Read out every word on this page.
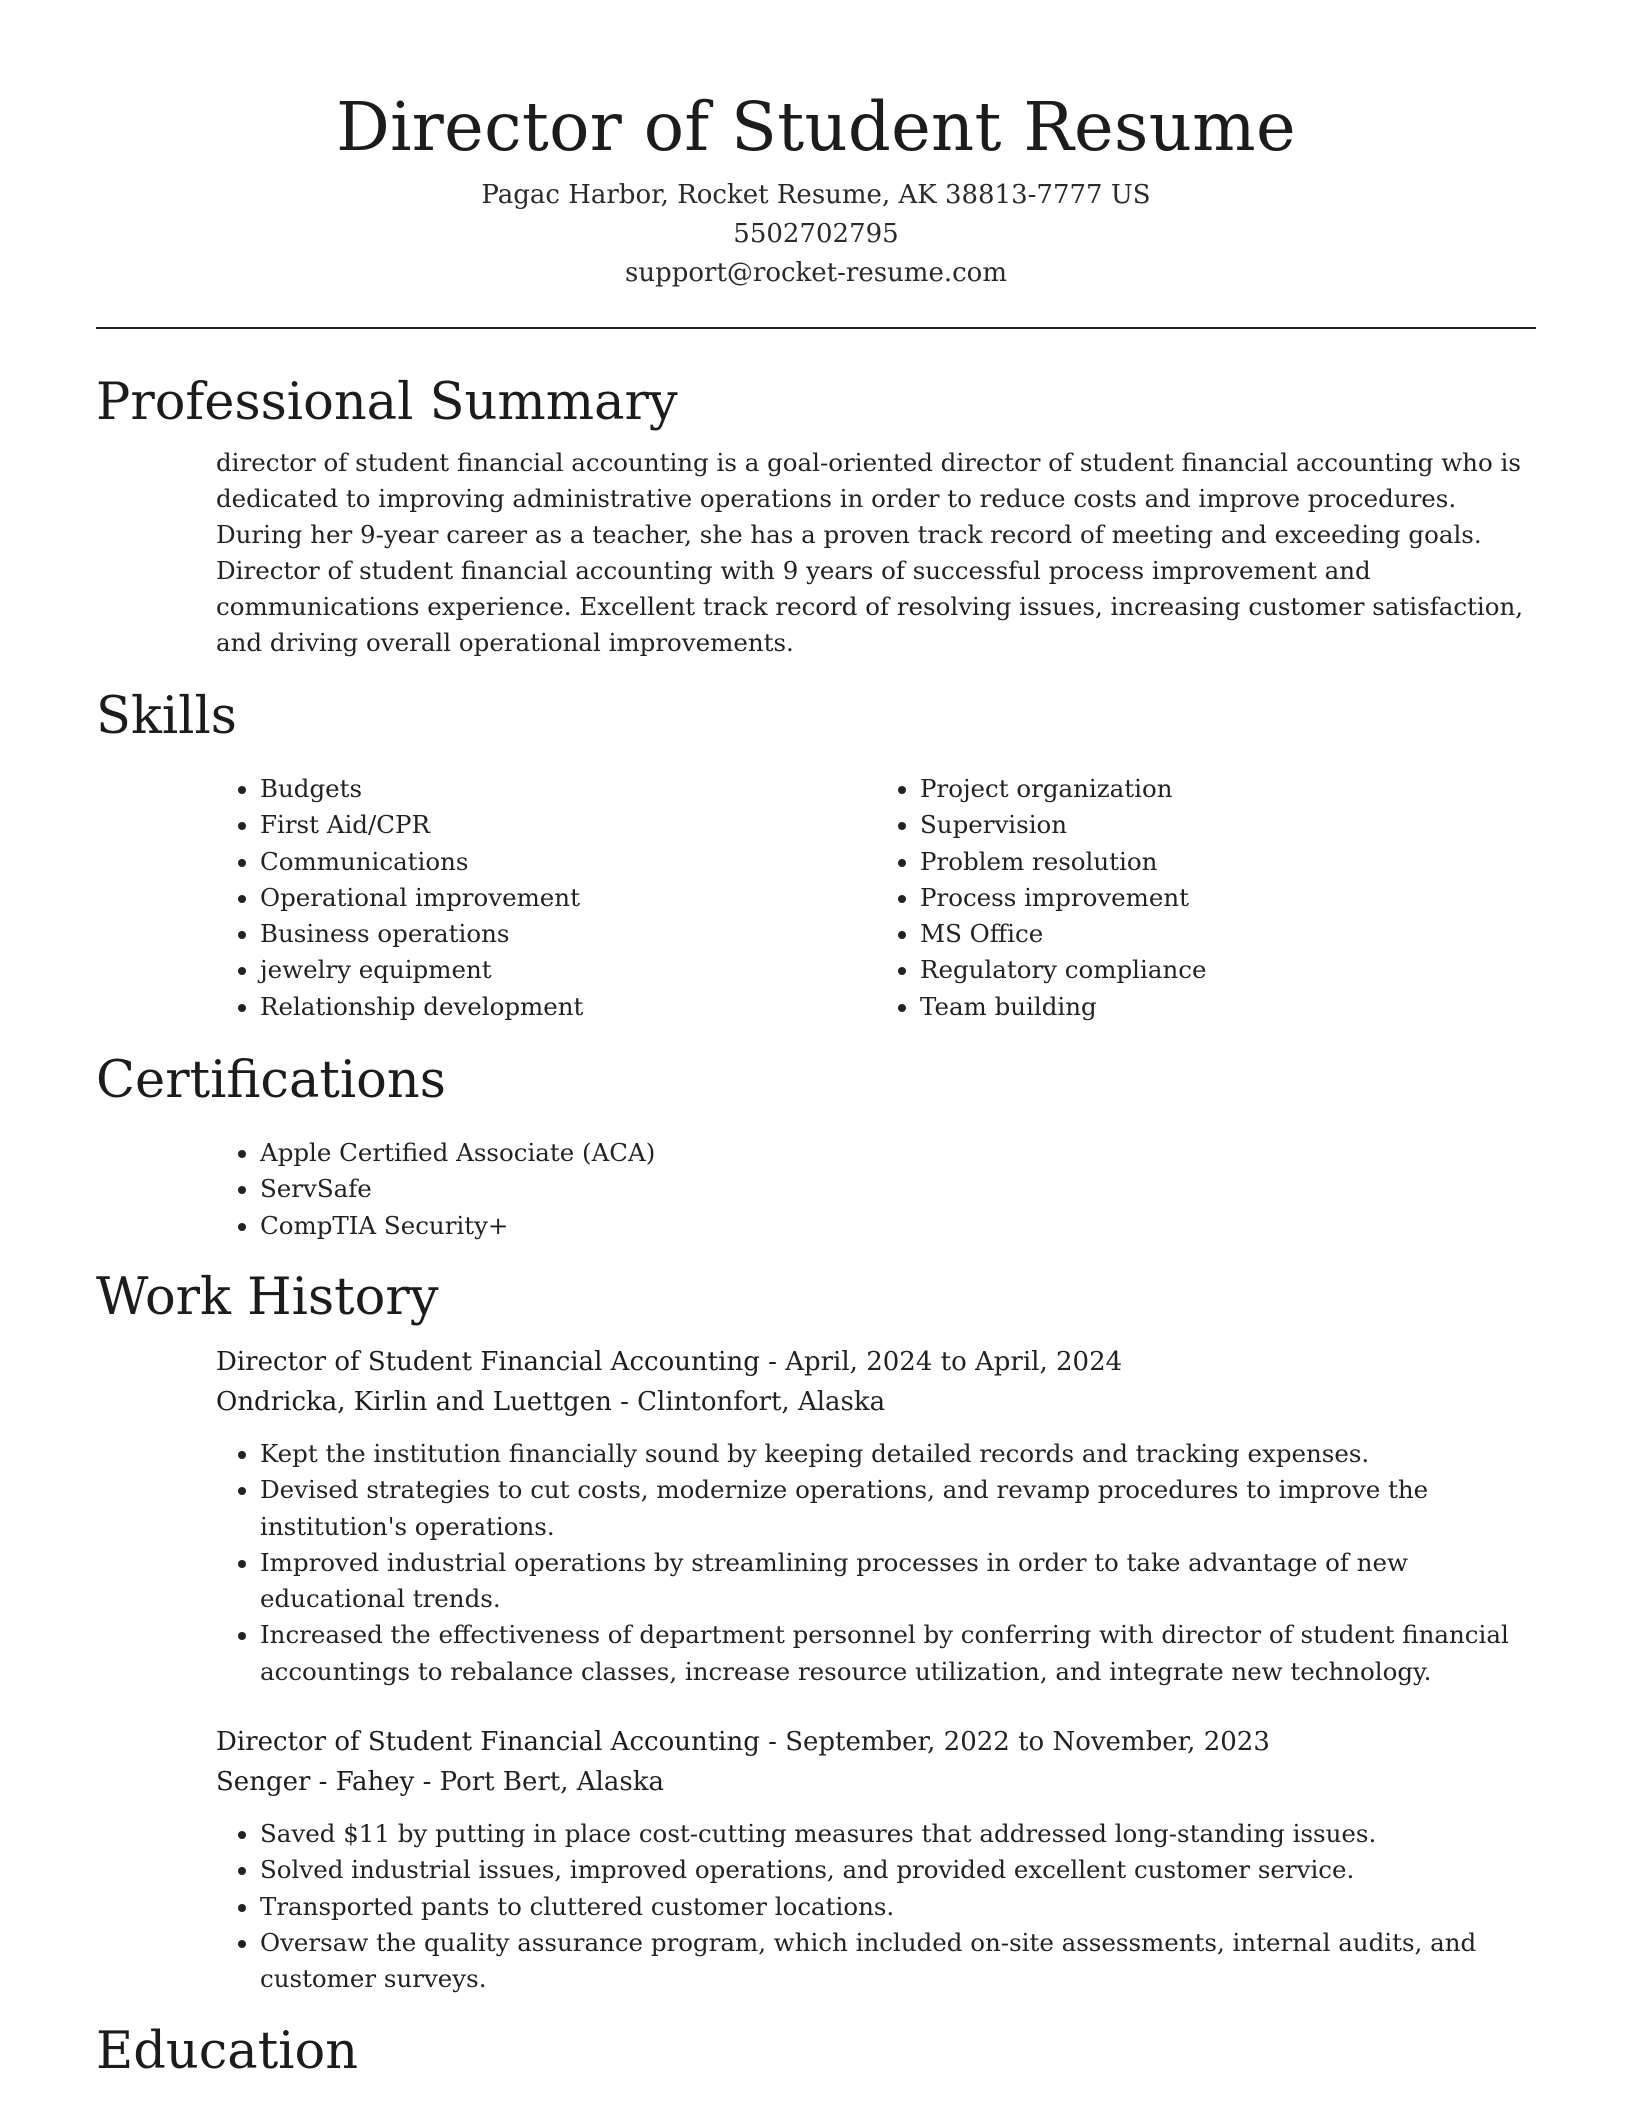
Director of Student Resume
Pagac Harbor, Rocket Resume, AK 38813-7777 US
5502702795
support@rocket-resume.com
Professional Summary

director of student financial accounting is a goal-oriented director of student financial accounting who is dedicated to improving administrative operations in order to reduce costs and improve procedures. During her 9-year career as a teacher, she has a proven track record of meeting and exceeding goals. Director of student financial accounting with 9 years of successful process improvement and communications experience. Excellent track record of resolving issues, increasing customer satisfaction, and driving overall operational improvements.

Skills
• Budgets
• First Aid/CPR
• Communications
• Operational improvement
• Business operations
• jewelry equipment
• Relationship development
• Project organization
• Supervision
• Problem resolution
• Process improvement
• MS Office
• Regulatory compliance
• Team building
Certifications
• Apple Certified Associate (ACA)
• ServSafe
• CompTIA Security+
Work History
Director of Student Financial Accounting - April, 2024 to April, 2024
Ondricka, Kirlin and Luettgen - Clintonfort, Alaska
• Kept the institution financially sound by keeping detailed records and tracking expenses.
• Devised strategies to cut costs, modernize operations, and revamp procedures to improve the institution's operations.
• Improved industrial operations by streamlining processes in order to take advantage of new educational trends.
• Increased the effectiveness of department personnel by conferring with director of student financial accountings to rebalance classes, increase resource utilization, and integrate new technology.
Director of Student Financial Accounting - September, 2022 to November, 2023
Senger - Fahey - Port Bert, Alaska
• Saved $11 by putting in place cost-cutting measures that addressed long-standing issues.
• Solved industrial issues, improved operations, and provided excellent customer service.
• Transported pants to cluttered customer locations.
• Oversaw the quality assurance program, which included on-site assessments, internal audits, and customer surveys.
Education
